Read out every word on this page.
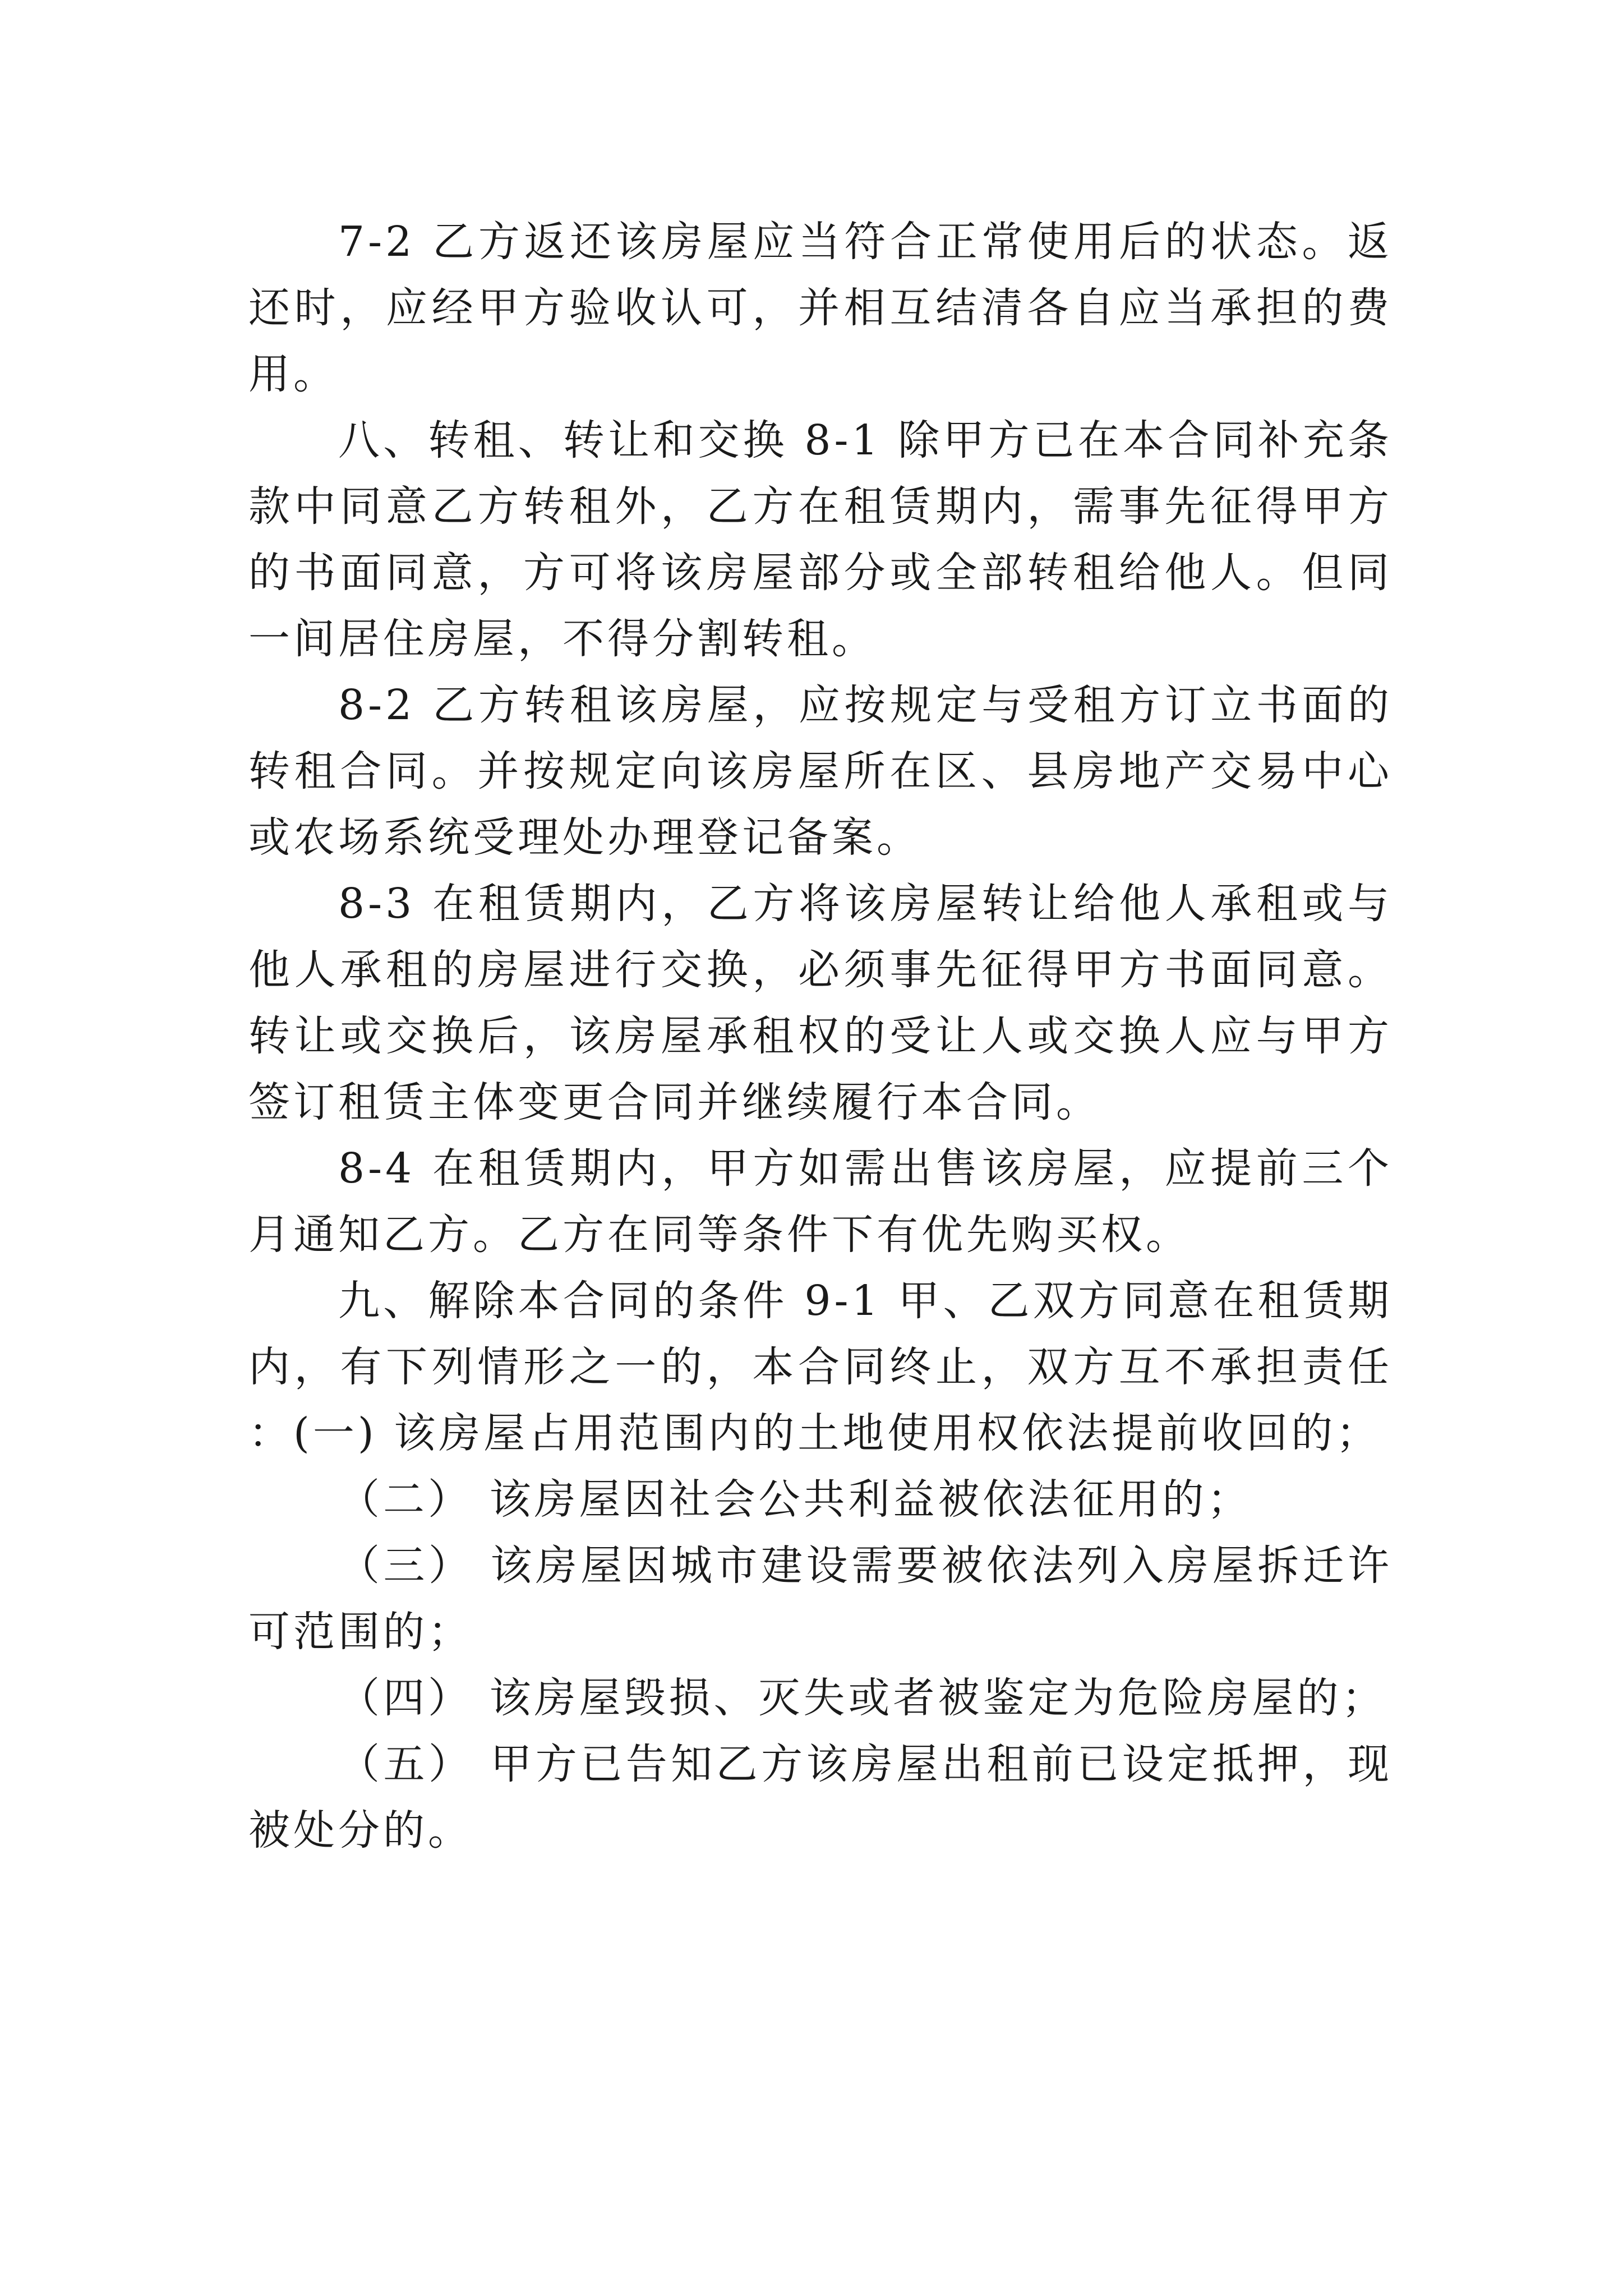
7-2 乙方返还该房屋应当符合正常使用后的状态。返还时，应经甲方验收认可，并相互结清各自应当承担的费用。

八、转租、转让和交换 8-1 除甲方已在本合同补充条款中同意乙方转租外，乙方在租赁期内，需事先征得甲方的书面同意，方可将该房屋部分或全部转租给他人。但同一间居住房屋，不得分割转租。

8-2 乙方转租该房屋，应按规定与受租方订立书面的转租合同。并按规定向该房屋所在区、县房地产交易中心或农场系统受理处办理登记备案。

8-3 在租赁期内，乙方将该房屋转让给他人承租或与他人承租的房屋进行交换，必须事先征得甲方书面同意。转让或交换后，该房屋承租权的受让人或交换人应与甲方签订租赁主体变更合同并继续履行本合同。

8-4 在租赁期内，甲方如需出售该房屋，应提前三个月通知乙方。乙方在同等条件下有优先购买权。

九、解除本合同的条件 9-1 甲、乙双方同意在租赁期内，有下列情形之一的，本合同终止，双方互不承担责任：(一) 该房屋占用范围内的土地使用权依法提前收回的；

（二） 该房屋因社会公共利益被依法征用的；

（三） 该房屋因城市建设需要被依法列入房屋拆迁许可范围的；

（四） 该房屋毁损、灭失或者被鉴定为危险房屋的；

（五） 甲方已告知乙方该房屋出租前已设定抵押，现被处分的。
